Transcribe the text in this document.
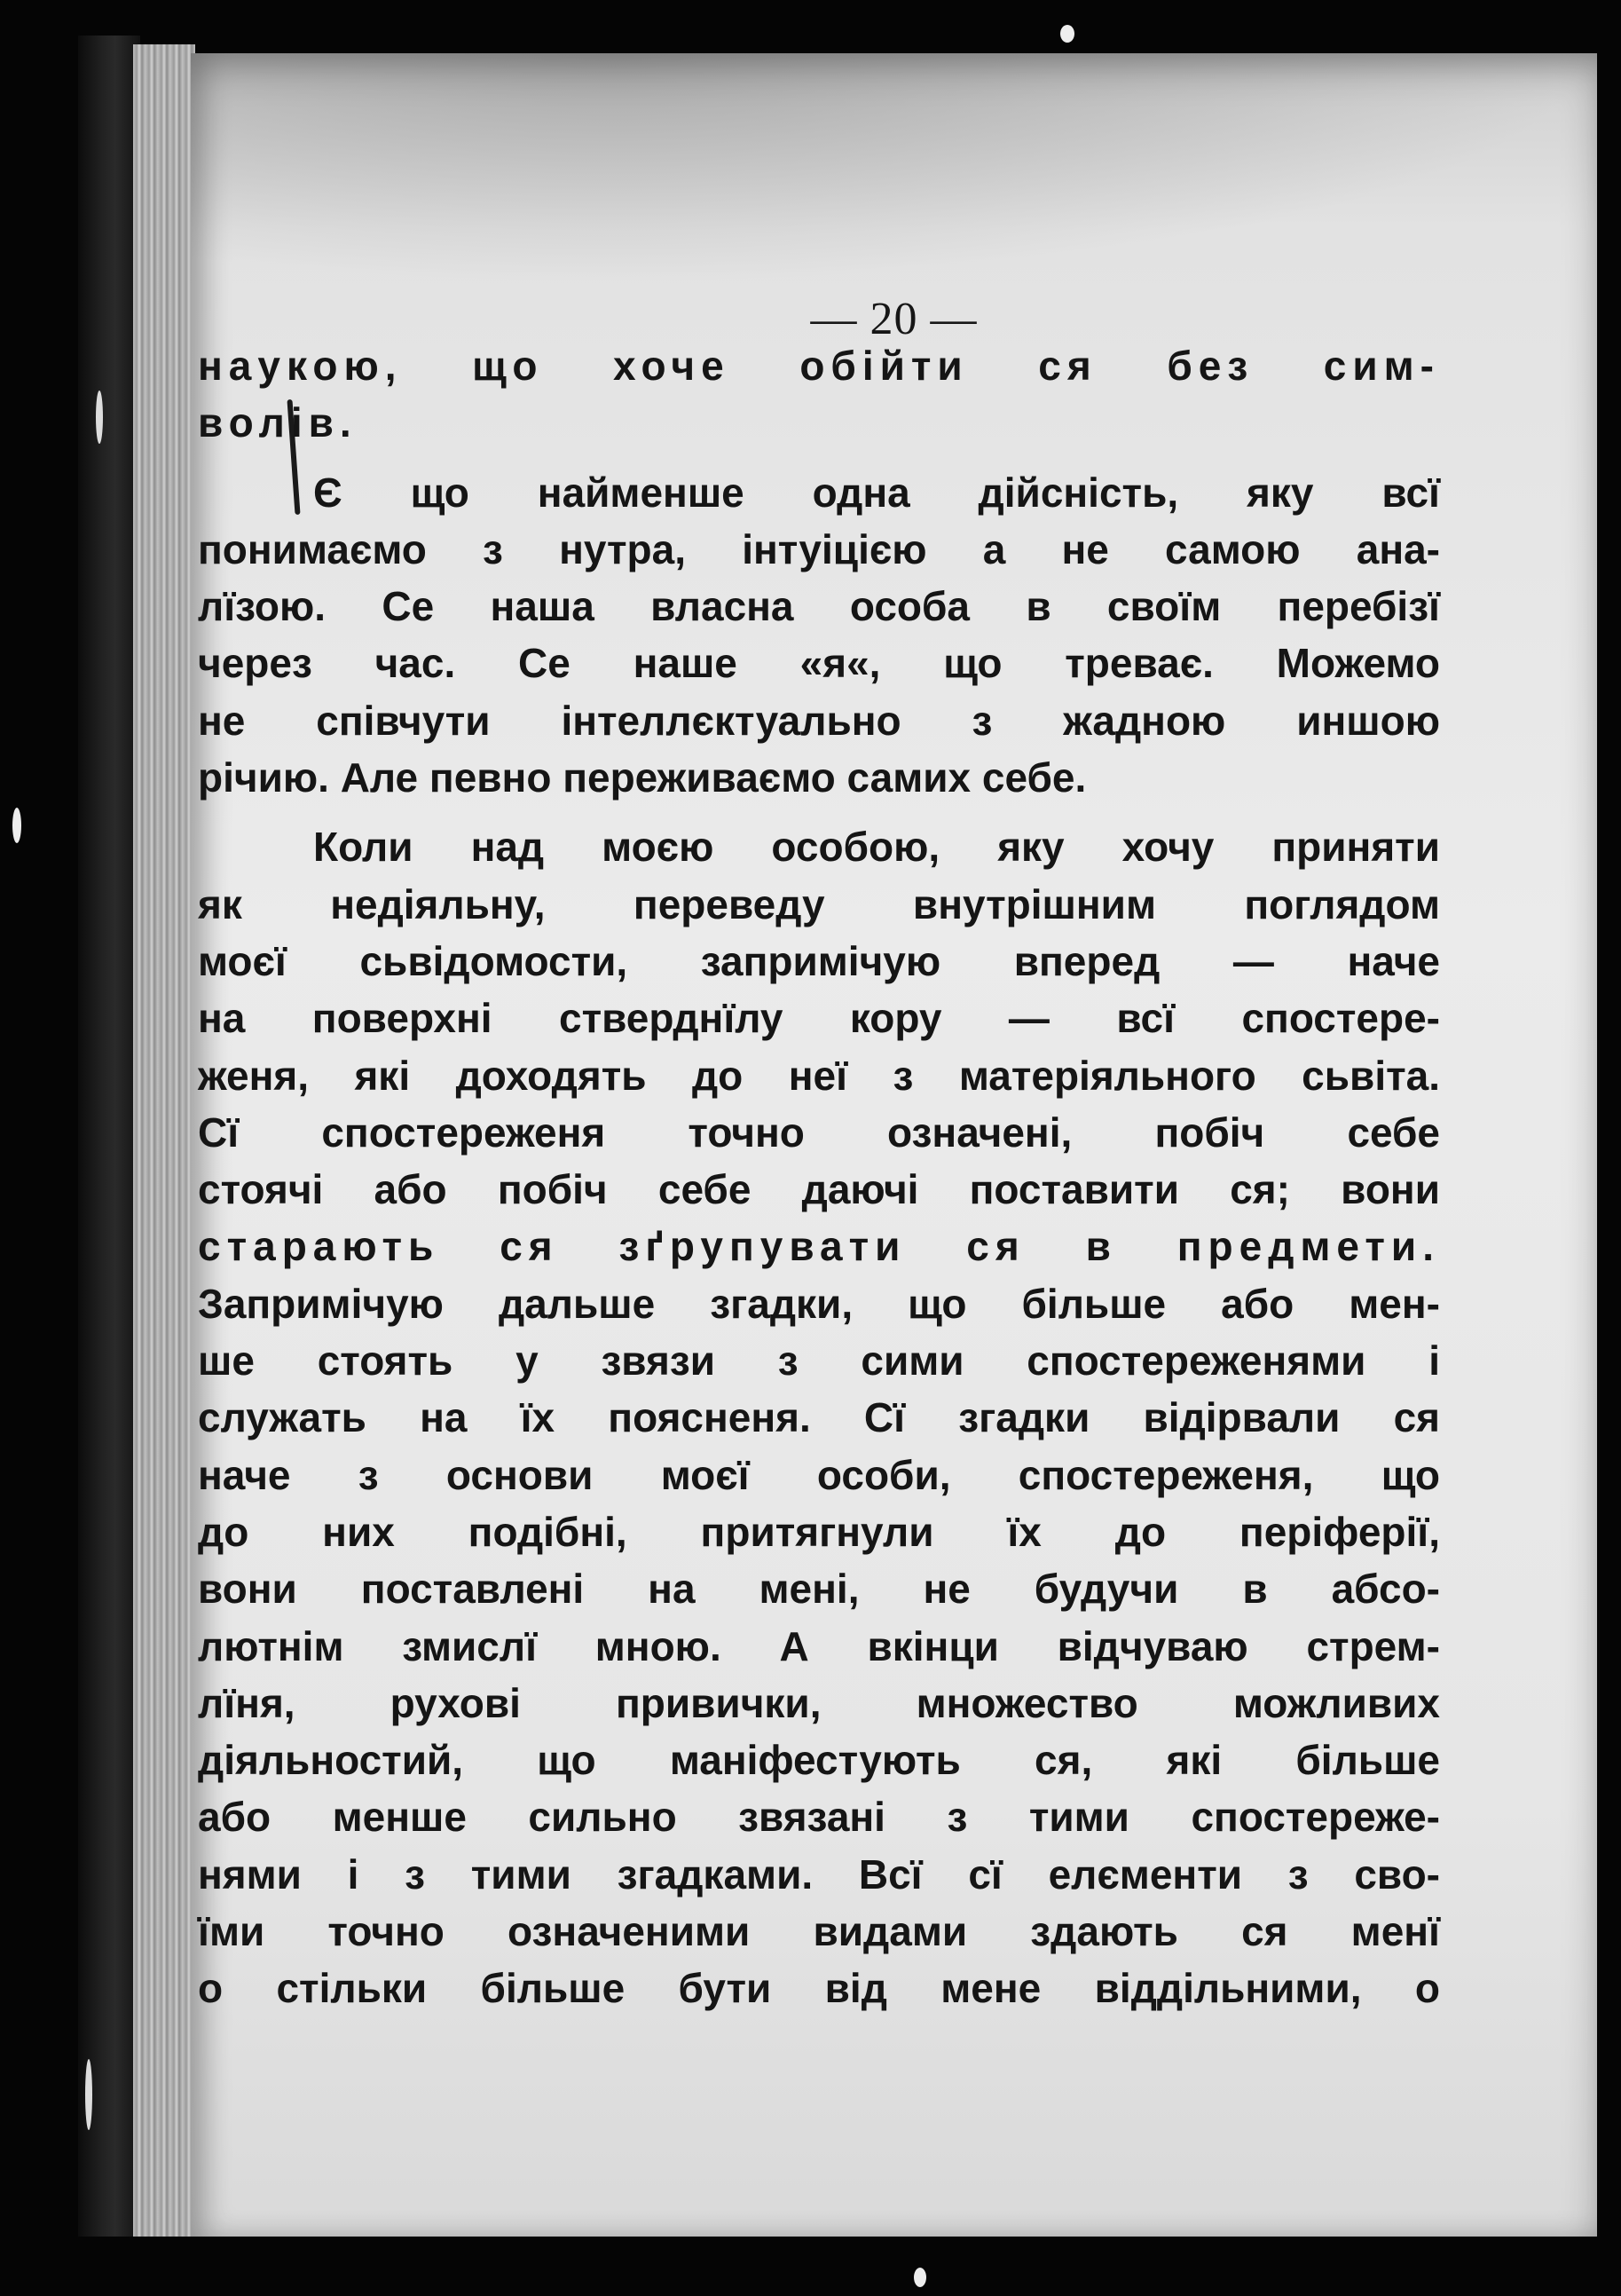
— 20 —
наукою, що хоче обійти ся без сим-
волів.
Є що найменше одна дійсність, яку всї
понимаємо з нутра, інтуіцією а не самою ана-
лїзою. Се наша власна особа в своїм перебізї
через час. Се наше «я«, що треває. Можемо
не співчути інтеллєктуально з жадною иншою
річию. Але певно переживаємо самих себе.
Коли над моєю особою, яку хочу приняти
як недіяльну, переведу внутрішним поглядом
моєї сьвідомости, запримічую вперед — наче
на поверхні стверднїлу кору — всї спостере-
женя, які доходять до неї з матеріяльного сьвіта.
Сї спостереженя точно означені, побіч себе
стоячі або побіч себе даючі поставити ся; вони
старають ся зґрупувати ся в предмети.
Запримічую дальше згадки, що більше або мен-
ше стоять у звязи з сими спостереженями і
служать на їх поясненя. Сї згадки відірвали ся
наче з основи моєї особи, спостереженя, що
до них подібні, притягнули їх до періферії,
вони поставлені на мені, не будучи в абсо-
лютнім змислї мною. А вкінци відчуваю стрем-
лїня, рухові привички, множество можливих
діяльностий, що маніфестують ся, які більше
або менше сильно звязані з тими спостереже-
нями і з тими згадками. Всї сї елєменти з сво-
їми точно означеними видами здають ся менї
о стільки більше бути від мене віддільними, о
